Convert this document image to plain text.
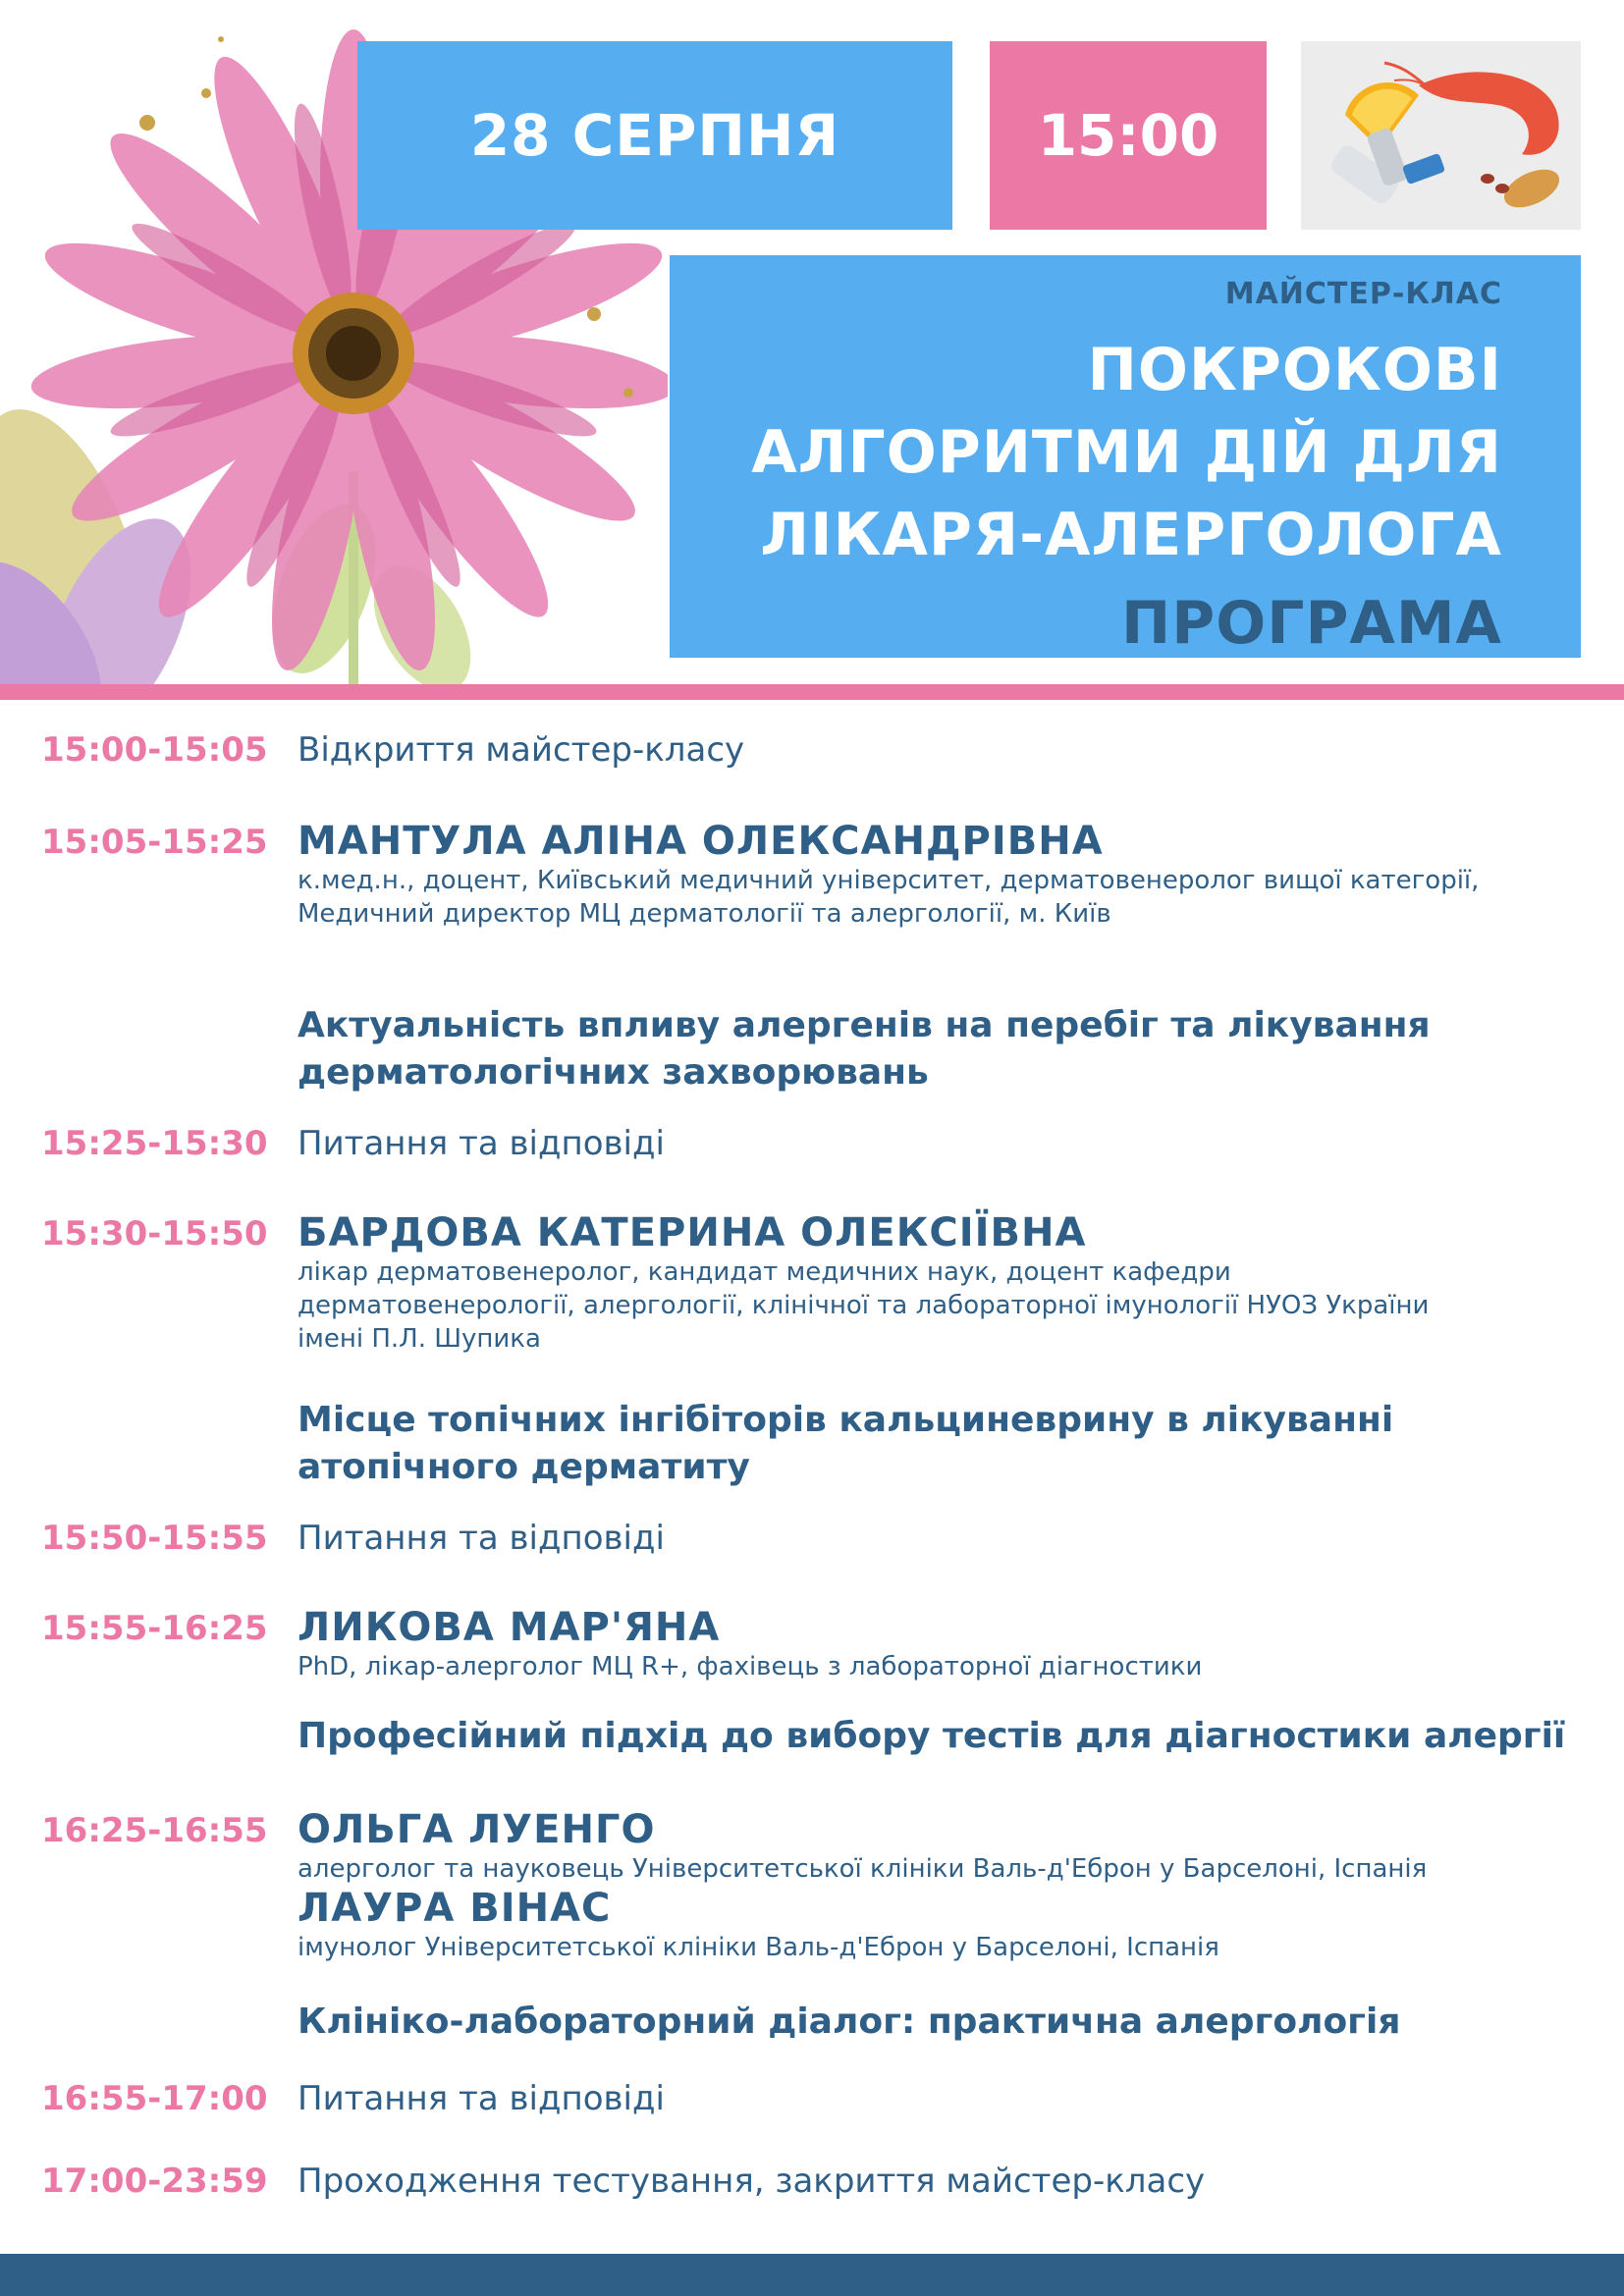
28 СЕРПНЯ	15:00
МАЙСТЕР-КЛАС
ПОКРОКОВІ
АЛГОРИТМИ ДІЙ ДЛЯ
ЛІКАРЯ-АЛЕРГОЛОГА
ПРОГРАМА
15:00-15:05 Відкриття майстер-класу
15:05-15:25 МАНТУЛА АЛІНА ОЛЕКСАНДРІВНА
к.мед.н., доцент, Київський медичний університет, дерматовенеролог вищої категорії,
Медичний директор МЦ дерматології та алергології, м. Київ
Актуальність впливу алергенів на перебіг та лікування
дерматологічних захворювань
15:25-15:30 Питання та відповіді
15:30-15:50 БАРДОВА КАТЕРИНА ОЛЕКСІЇВНА
лікар дерматовенеролог, кандидат медичних наук, доцент кафедри
дерматовенерології, алергології, клінічної та лабораторної імунології НУОЗ України
імені П.Л. Шупика
Місце топічних інгібіторів кальциневрину в лікуванні
атопічного дерматиту
15:50-15:55 Питання та відповіді
15:55-16:25 ЛИКОВА МАР'ЯНА
PhD, лікар-алерголог МЦ R+, фахівець з лабораторної діагностики
Професійний підхід до вибору тестів для діагностики алергії
16:25-16:55 ОЛЬГА ЛУЕНГО
алерголог та науковець Університетської клініки Валь-д'Еброн у Барселоні, Іспанія
ЛАУРА ВІНАС
імунолог Університетської клініки Валь-д'Еброн у Барселоні, Іспанія
Клініко-лабораторний діалог: практична алергологія
16:55-17:00 Питання та відповіді
17:00-23:59 Проходження тестування, закриття майстер-класу
